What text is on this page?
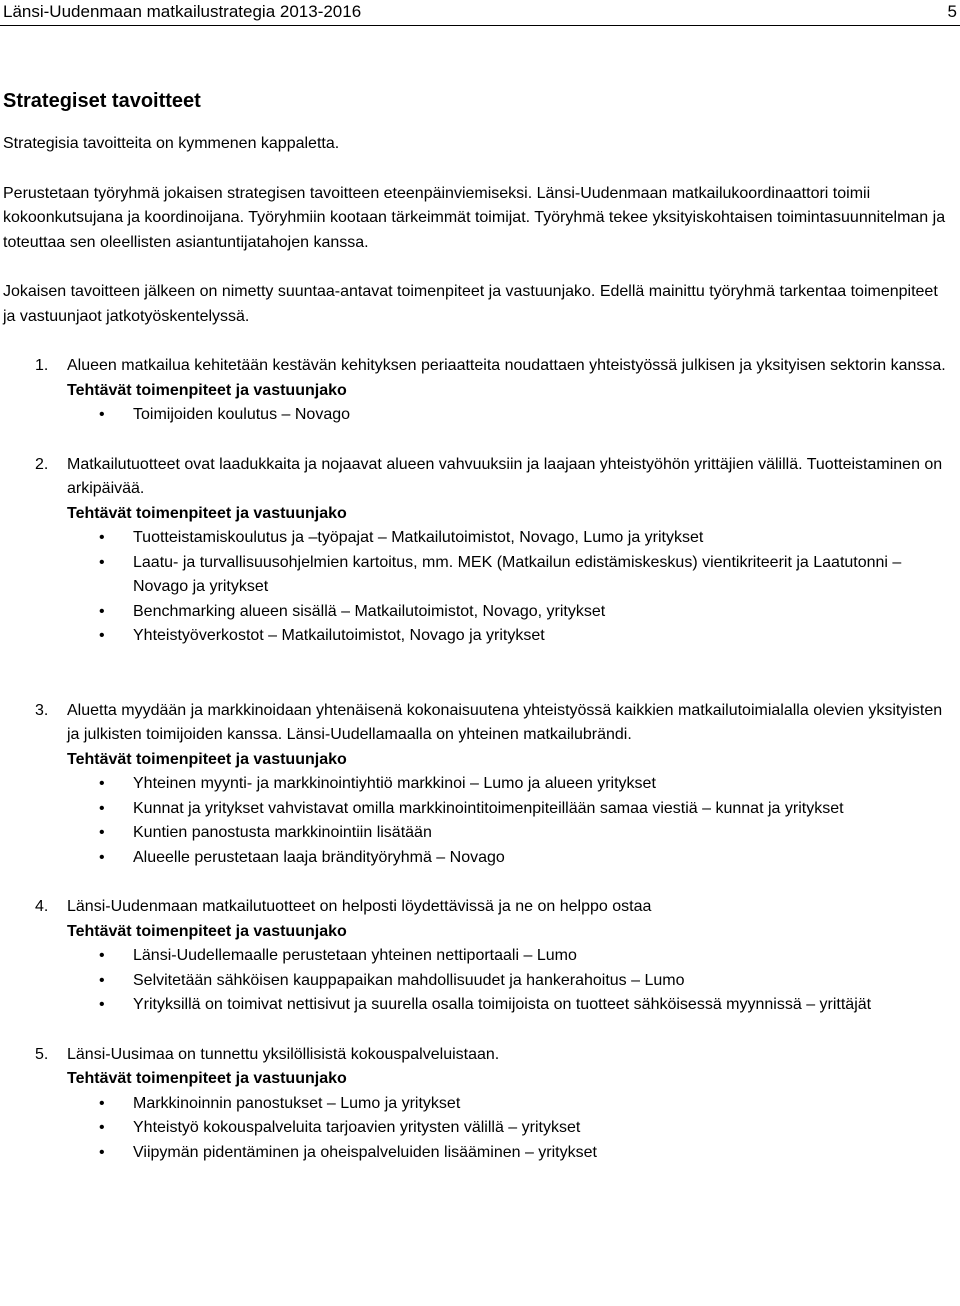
Länsi-Uudenmaan matkailustrategia 2013-2016	5
Strategiset tavoitteet

Strategisia tavoitteita on kymmenen kappaletta.

Perustetaan työryhmä jokaisen strategisen tavoitteen eteenpäinviemiseksi. Länsi-Uudenmaan matkailukoordinaattori toimii kokoonkutsujana ja koordinoijana. Työryhmiin kootaan tärkeimmät toimijat. Työryhmä tekee yksityiskohtaisen toimintasuunnitelman ja toteuttaa sen oleellisten asiantuntijatahojen kanssa.

Jokaisen tavoitteen jälkeen on nimetty suuntaa-antavat toimenpiteet ja vastuunjako. Edellä mainittu työryhmä tarkentaa toimenpiteet ja vastuunjaot jatkotyöskentelyssä.

1. Alueen matkailua kehitetään kestävän kehityksen periaatteita noudattaen yhteistyössä julkisen ja yksityisen sektorin kanssa.
Tehtävät toimenpiteet ja vastuunjako
• Toimijoiden koulutus – Novago
2. Matkailutuotteet ovat laadukkaita ja nojaavat alueen vahvuuksiin ja laajaan yhteistyöhön yrittäjien välillä. Tuotteistaminen on arkipäivää.
Tehtävät toimenpiteet ja vastuunjako
• Tuotteistamiskoulutus ja –työpajat – Matkailutoimistot, Novago, Lumo ja yritykset
• Laatu- ja turvallisuusohjelmien kartoitus, mm. MEK (Matkailun edistämiskeskus) vientikriteerit ja Laatutonni – Novago ja yritykset
• Benchmarking alueen sisällä – Matkailutoimistot, Novago, yritykset
• Yhteistyöverkostot – Matkailutoimistot, Novago ja yritykset
3. Aluetta myydään ja markkinoidaan yhtenäisenä kokonaisuutena yhteistyössä kaikkien matkailutoimialalla olevien yksityisten ja julkisten toimijoiden kanssa. Länsi-Uudellamaalla on yhteinen matkailubrändi.
Tehtävät toimenpiteet ja vastuunjako
• Yhteinen myynti- ja markkinointiyhtiö markkinoi – Lumo ja alueen yritykset
• Kunnat ja yritykset vahvistavat omilla markkinointitoimenpiteillään samaa viestiä – kunnat ja yritykset
• Kuntien panostusta markkinointiin lisätään
• Alueelle perustetaan laaja brändityöryhmä – Novago
4. Länsi-Uudenmaan matkailutuotteet on helposti löydettävissä ja ne on helppo ostaa
Tehtävät toimenpiteet ja vastuunjako
• Länsi-Uudellemaalle perustetaan yhteinen nettiportaali – Lumo
• Selvitetään sähköisen kauppapaikan mahdollisuudet ja hankerahoitus – Lumo
• Yrityksillä on toimivat nettisivut ja suurella osalla toimijoista on tuotteet sähköisessä myynnissä – yrittäjät
5. Länsi-Uusimaa on tunnettu yksilöllisistä kokouspalveluistaan.
Tehtävät toimenpiteet ja vastuunjako
• Markkinoinnin panostukset – Lumo ja yritykset
• Yhteistyö kokouspalveluita tarjoavien yritysten välillä – yritykset
• Viipymän pidentäminen ja oheispalveluiden lisääminen – yritykset
